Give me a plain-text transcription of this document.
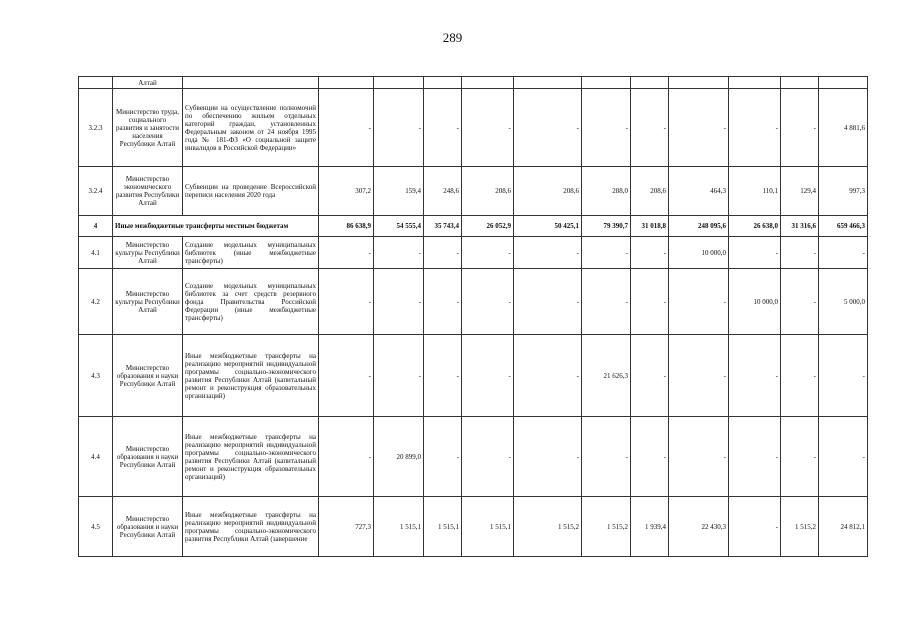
289
	Алтай												
3.2.3	Министерство труда, социального развития и занятости населения Республики Алтай	Субвенции на осуществление полномочий по обеспечению жильем отдельных категорий граждан, установленных Федеральным законом от 24 ноября 1995 года № 181-ФЗ «О социальной защите инвалидов в Российской Федерации»	-	-	-	-	-	-	-	-	-	-	4 881,6
3.2.4	Министерство экономического развития Республики Алтай	Субвенции на проведение Всероссийской переписи населения 2020 года	307,2	159,4	248,6	208,6	208,6	288,0	208,6	464,3	110,1	129,4	997,3
4	Иные межбюджетные трансферты местным бюджетам		86 638,9	54 555,4	35 743,4	26 052,9	50 425,1	79 390,7	31 018,8	248 095,6	26 638,0	31 316,6	659 466,3
4.1	Министерство культуры Республики Алтай	Создание модельных муниципальных библиотек (иные межбюджетные трансферты)	-	-	-	-	-	-	-	10 000,0	-	-	-
4.2	Министерство культуры Республики Алтай	Создание модельных муниципальных библиотек за счет средств резервного фонда Правительства Российской Федерации (иные межбюджетные трансферты)	-	-	-	-	-	-	-	-	10 000,0	-	5 000,0
4.3	Министерство образования и науки Республики Алтай	Иные межбюджетные трансферты на реализацию мероприятий индивидуальной программы социально-экономического развития Республики Алтай (капитальный ремонт и реконструкция образовательных организаций)	-	-	-	-	-	21 626,3	-	-	-	-	-
4.4	Министерство образования и науки Республики Алтай	Иные межбюджетные трансферты на реализацию мероприятий индивидуальной программы социально-экономического развития Республики Алтай (капитальный ремонт и реконструкция образовательных организаций)	-	20 899,0	-	-	-	-	-	-	-	-	-
4.5	Министерство образования и науки Республики Алтай	Иные межбюджетные трансферты на реализацию мероприятий индивидуальной программы социально-экономического развития Республики Алтай (завершение	727,3	1 515,1	1 515,1	1 515,1	1 515,2	1 515,2	1 939,4	22 430,3	-	1 515,2	24 812,1
